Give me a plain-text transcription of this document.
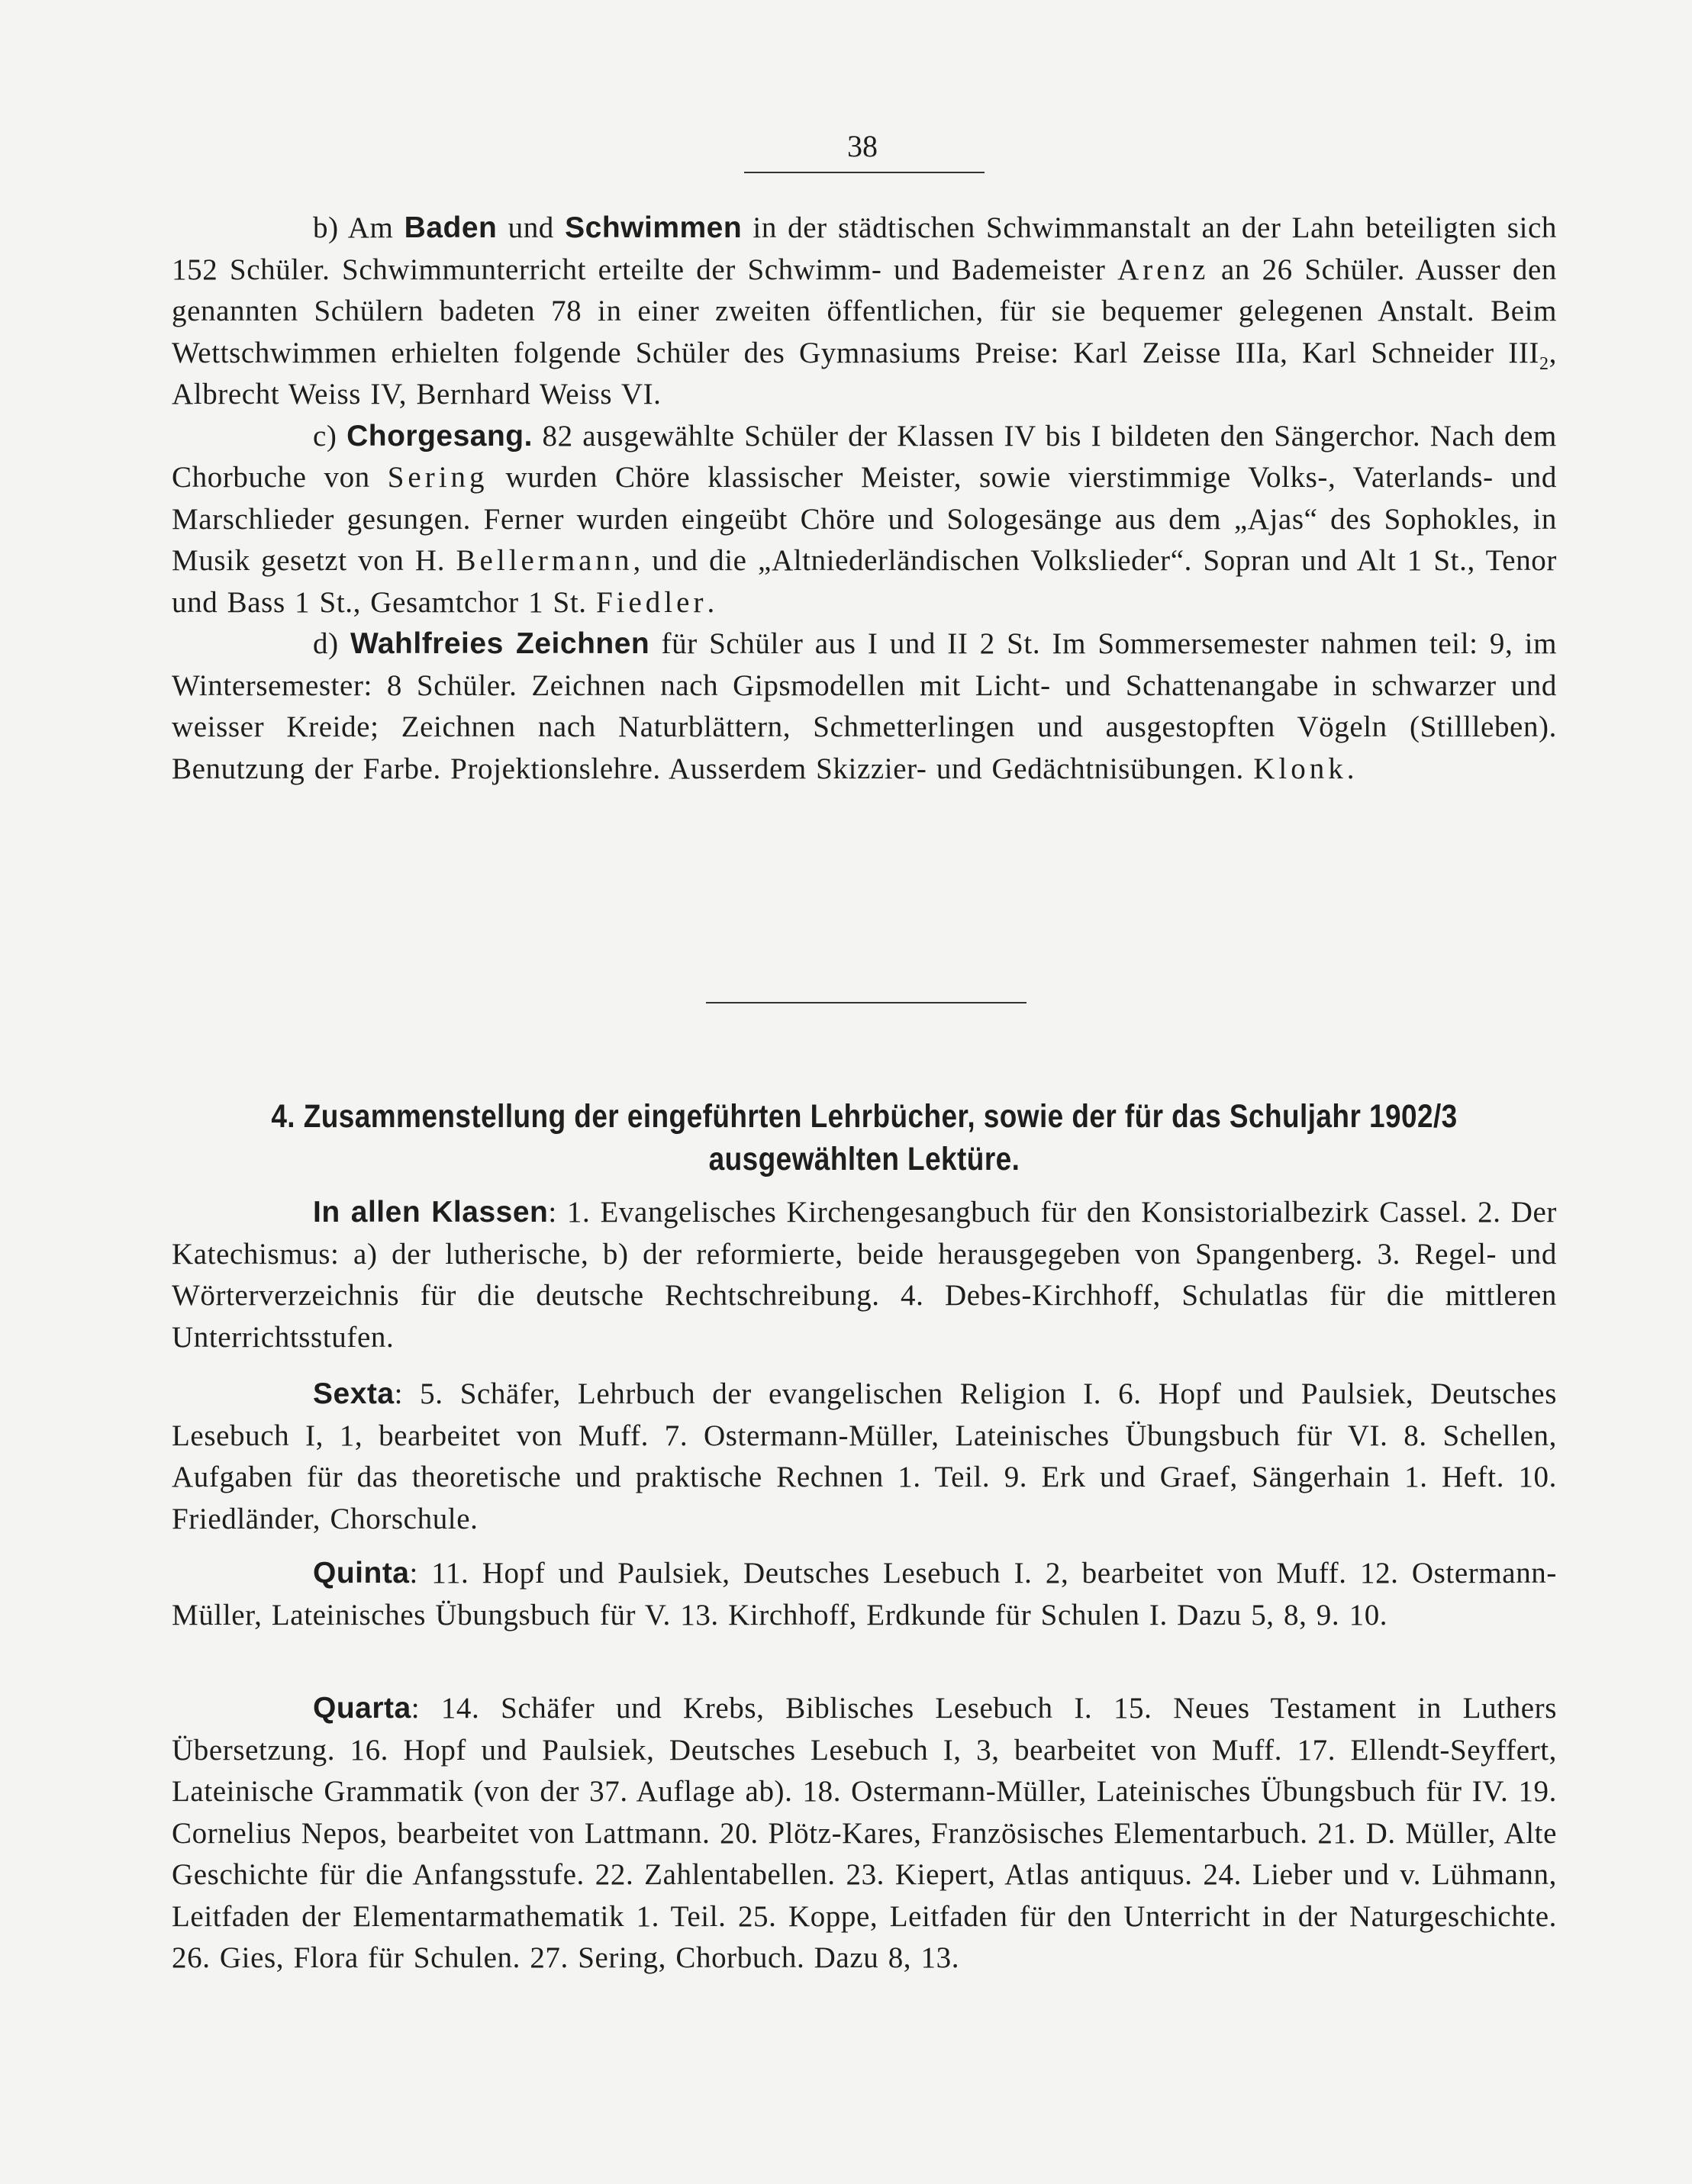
38

b) Am Baden und Schwimmen in der städtischen Schwimmanstalt an der Lahn beteiligten sich 152 Schüler. Schwimmunterricht erteilte der Schwimm- und Bademeister Arenz an 26 Schüler. Ausser den genannten Schülern badeten 78 in einer zweiten öffentlichen, für sie bequemer gelegenen Anstalt. Beim Wettschwimmen erhielten folgende Schüler des Gymnasiums Preise: Karl Zeisse IIIa, Karl Schneider $III_2$, Albrecht Weiss IV, Bernhard Weiss VI.

c) Chorgesang. 82 ausgewählte Schüler der Klassen IV bis I bildeten den Sängerchor. Nach dem Chorbuche von Sering wurden Chöre klassischer Meister, sowie vierstimmige Volks-, Vaterlands- und Marschlieder gesungen. Ferner wurden eingeübt Chöre und Sologesänge aus dem „Ajas“ des Sophokles, in Musik gesetzt von H. Bellermann, und die „Altniederländischen Volkslieder“. Sopran und Alt 1 St., Tenor und Bass 1 St., Gesamtchor 1 St. Fiedler.

d) Wahlfreies Zeichnen für Schüler aus I und II 2 St. Im Sommersemester nahmen teil: 9, im Wintersemester: 8 Schüler. Zeichnen nach Gipsmodellen mit Licht- und Schattenangabe in schwarzer und weisser Kreide; Zeichnen nach Naturblättern, Schmetterlingen und ausgestopften Vögeln (Stillleben). Benutzung der Farbe. Projektionslehre. Ausserdem Skizzier- und Gedächtnisübungen. Klonk.

4. Zusammenstellung der eingeführten Lehrbücher, sowie der für das Schuljahr 1902/3
ausgewählten Lektüre.

In allen Klassen: 1. Evangelisches Kirchengesangbuch für den Konsistorialbezirk Cassel. 2. Der Katechismus: a) der lutherische, b) der reformierte, beide herausgegeben von Spangenberg. 3. Regel- und Wörterverzeichnis für die deutsche Rechtschreibung. 4. Debes-Kirchhoff, Schulatlas für die mittleren Unterrichtsstufen.

Sexta: 5. Schäfer, Lehrbuch der evangelischen Religion I. 6. Hopf und Paulsiek, Deutsches Lesebuch I, 1, bearbeitet von Muff. 7. Ostermann-Müller, Lateinisches Übungsbuch für VI. 8. Schellen, Aufgaben für das theoretische und praktische Rechnen 1. Teil. 9. Erk und Graef, Sängerhain 1. Heft. 10. Friedländer, Chorschule.

Quinta: 11. Hopf und Paulsiek, Deutsches Lesebuch I. 2, bearbeitet von Muff. 12. Ostermann-Müller, Lateinisches Übungsbuch für V. 13. Kirchhoff, Erdkunde für Schulen I. Dazu 5, 8, 9. 10.

Quarta: 14. Schäfer und Krebs, Biblisches Lesebuch I. 15. Neues Testament in Luthers Übersetzung. 16. Hopf und Paulsiek, Deutsches Lesebuch I, 3, bearbeitet von Muff. 17. Ellendt-Seyffert, Lateinische Grammatik (von der 37. Auflage ab). 18. Ostermann-Müller, Lateinisches Übungsbuch für IV. 19. Cornelius Nepos, bearbeitet von Lattmann. 20. Plötz-Kares, Französisches Elementarbuch. 21. D. Müller, Alte Geschichte für die Anfangsstufe. 22. Zahlentabellen. 23. Kiepert, Atlas antiquus. 24. Lieber und v. Lühmann, Leitfaden der Elementarmathematik 1. Teil. 25. Koppe, Leitfaden für den Unterricht in der Naturgeschichte. 26. Gies, Flora für Schulen. 27. Sering, Chorbuch. Dazu 8, 13.
